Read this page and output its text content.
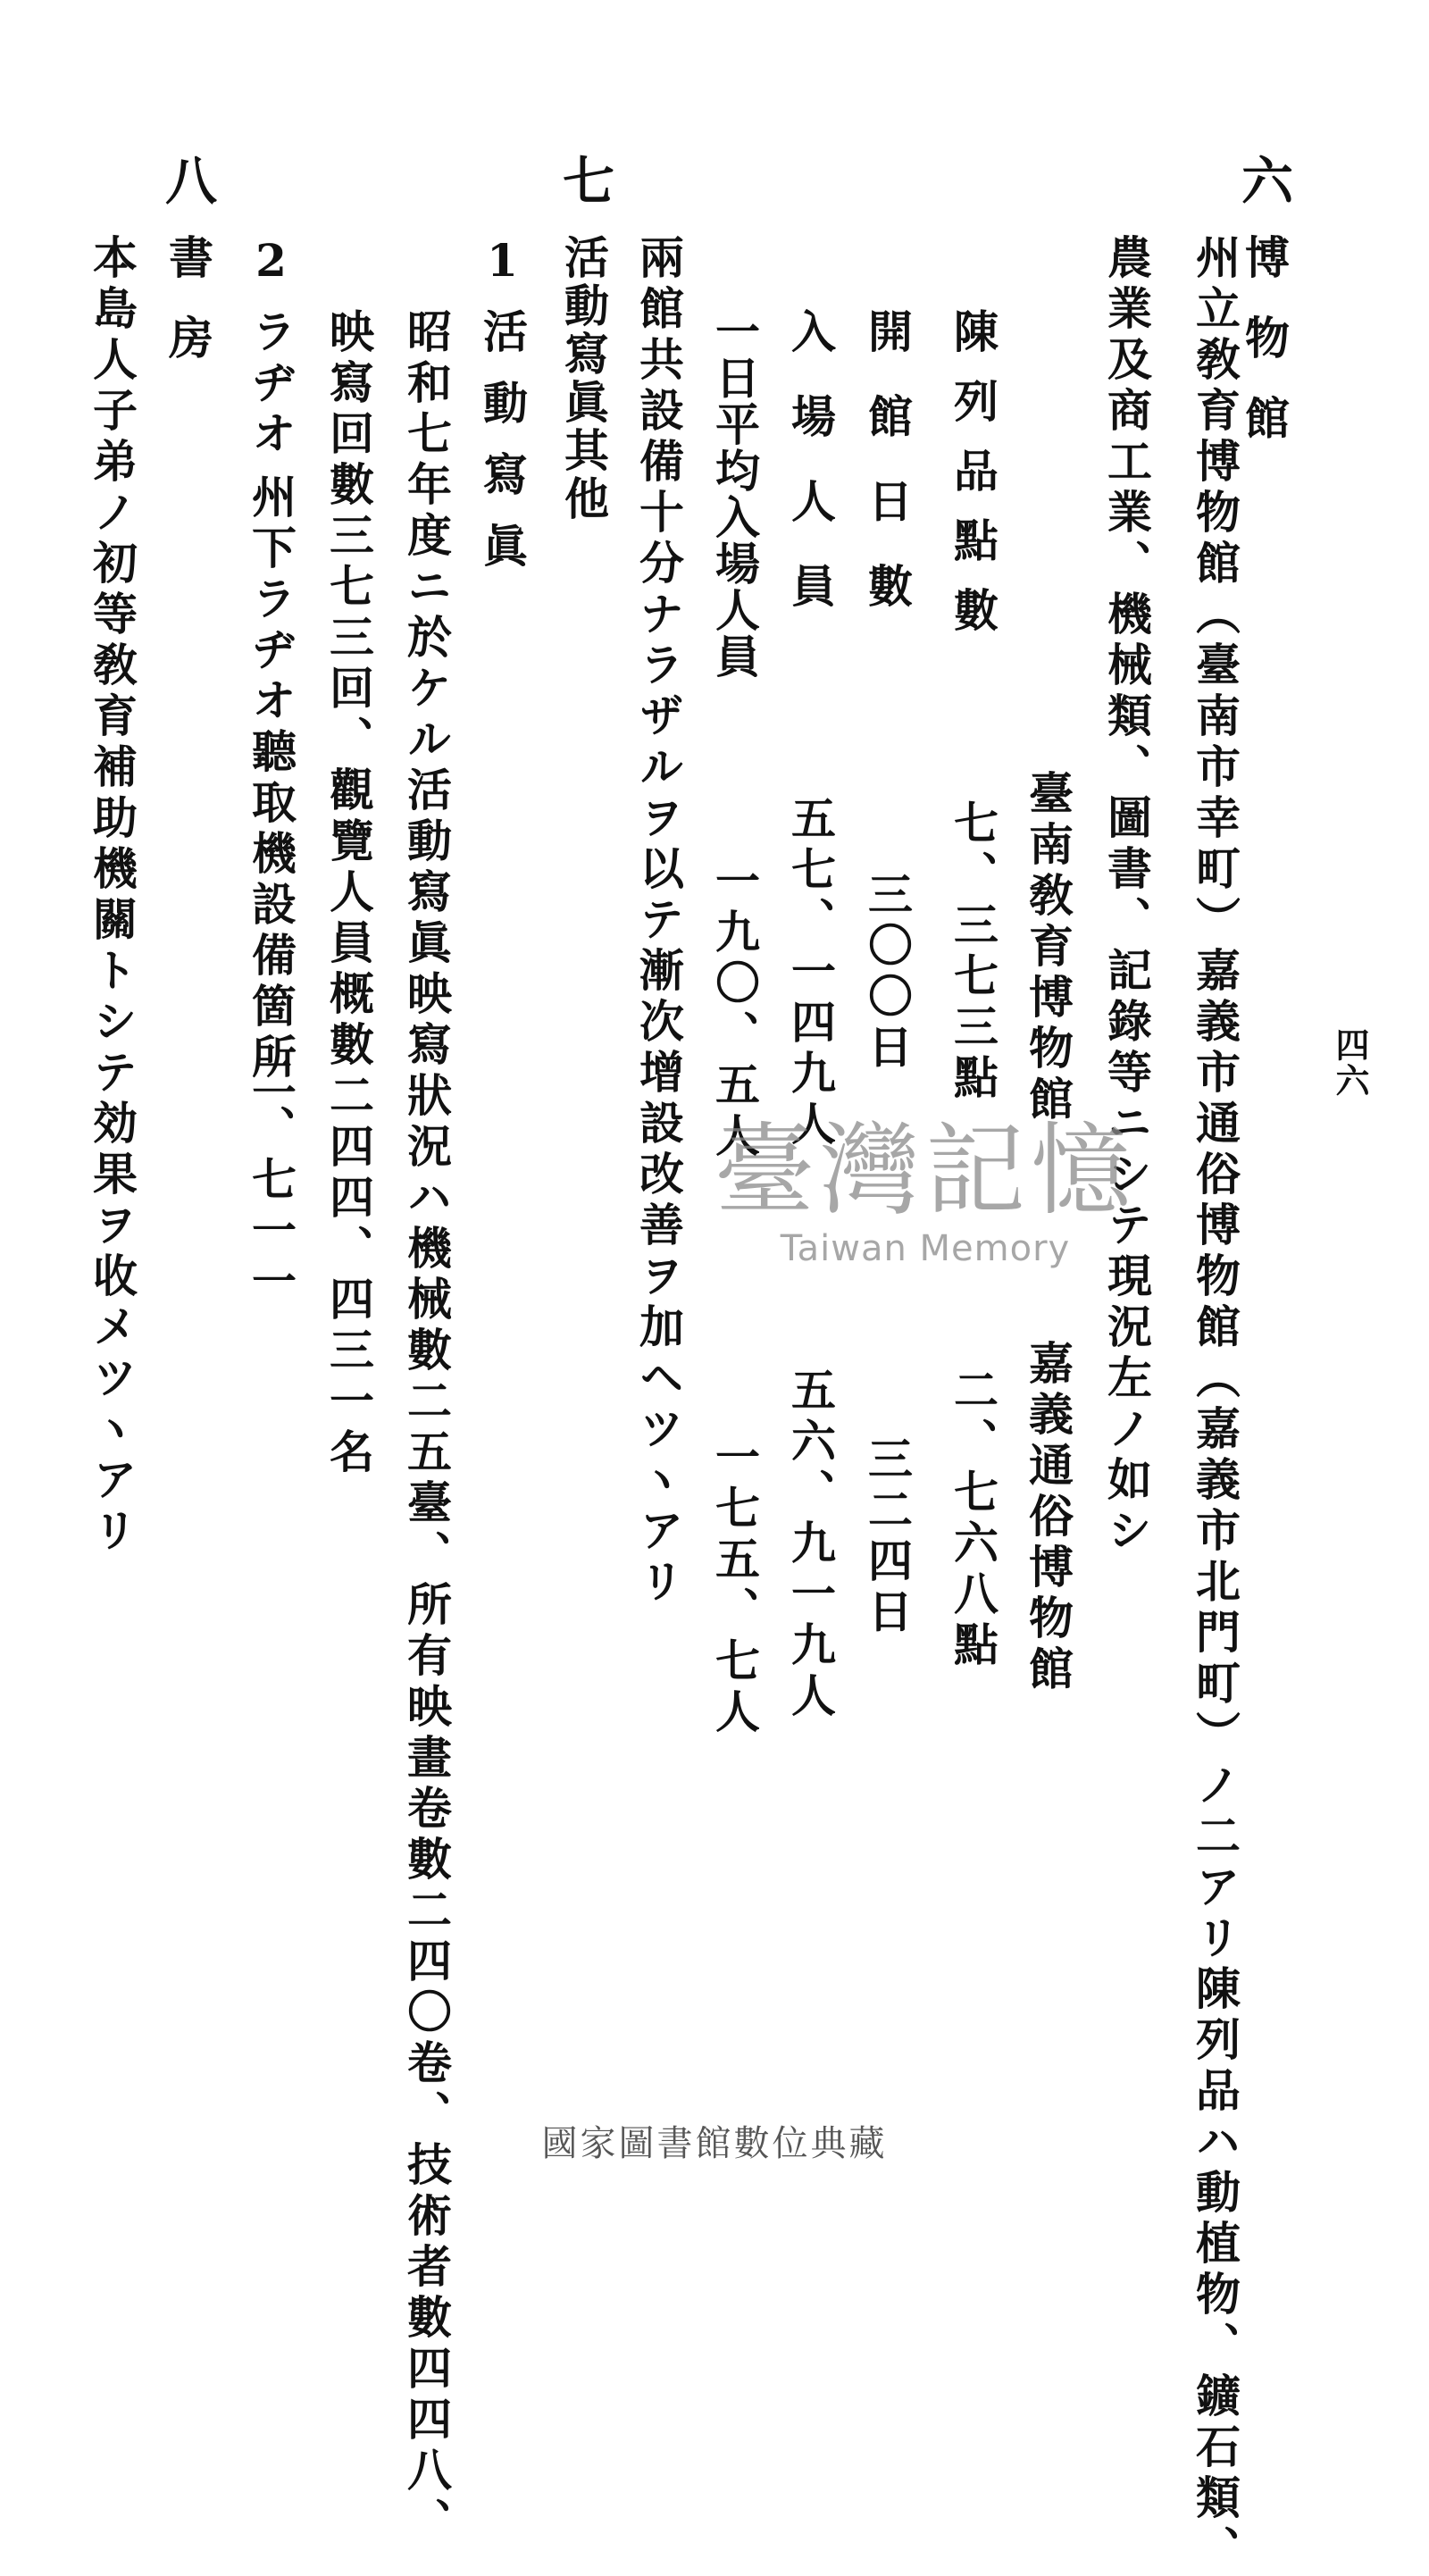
四六
六
博物館
州立敎育博物館（臺南市幸町）嘉義市通俗博物館（嘉義市北門町）ノ二アリ陳列品ハ動植物、鑛石類、
農業及商工業、機械類、圖書、記錄等ニシテ現況左ノ如シ
臺南敎育博物館
嘉義通俗博物館
陳列品點數
七、三七三點
二、七六八點
開館日數
三〇〇日
三二四日
入場人員
五七、一四九人
五六、九一九人
一日平均入場人員
一九〇、五人
一七五、七人
兩館共設備十分ナラザルヲ以テ漸次增設改善ヲ加ヘツヽアリ
七
活動寫眞其他
1
活動寫眞
昭和七年度ニ於ケル活動寫眞映寫狀況ハ機械數二五臺、所有映畫卷數二四〇卷、技術者數四四八、
映寫回數三七三回、觀覽人員概數二四四、四三一名
2
ラヂオ
州下ラヂオ聽取機設備箇所
二、七一一
八
書房
本島人子弟ノ初等敎育補助機關トシテ効果ヲ收メツヽアリ	臺灣記憶
Taiwan Memory
國家圖書館數位典藏
